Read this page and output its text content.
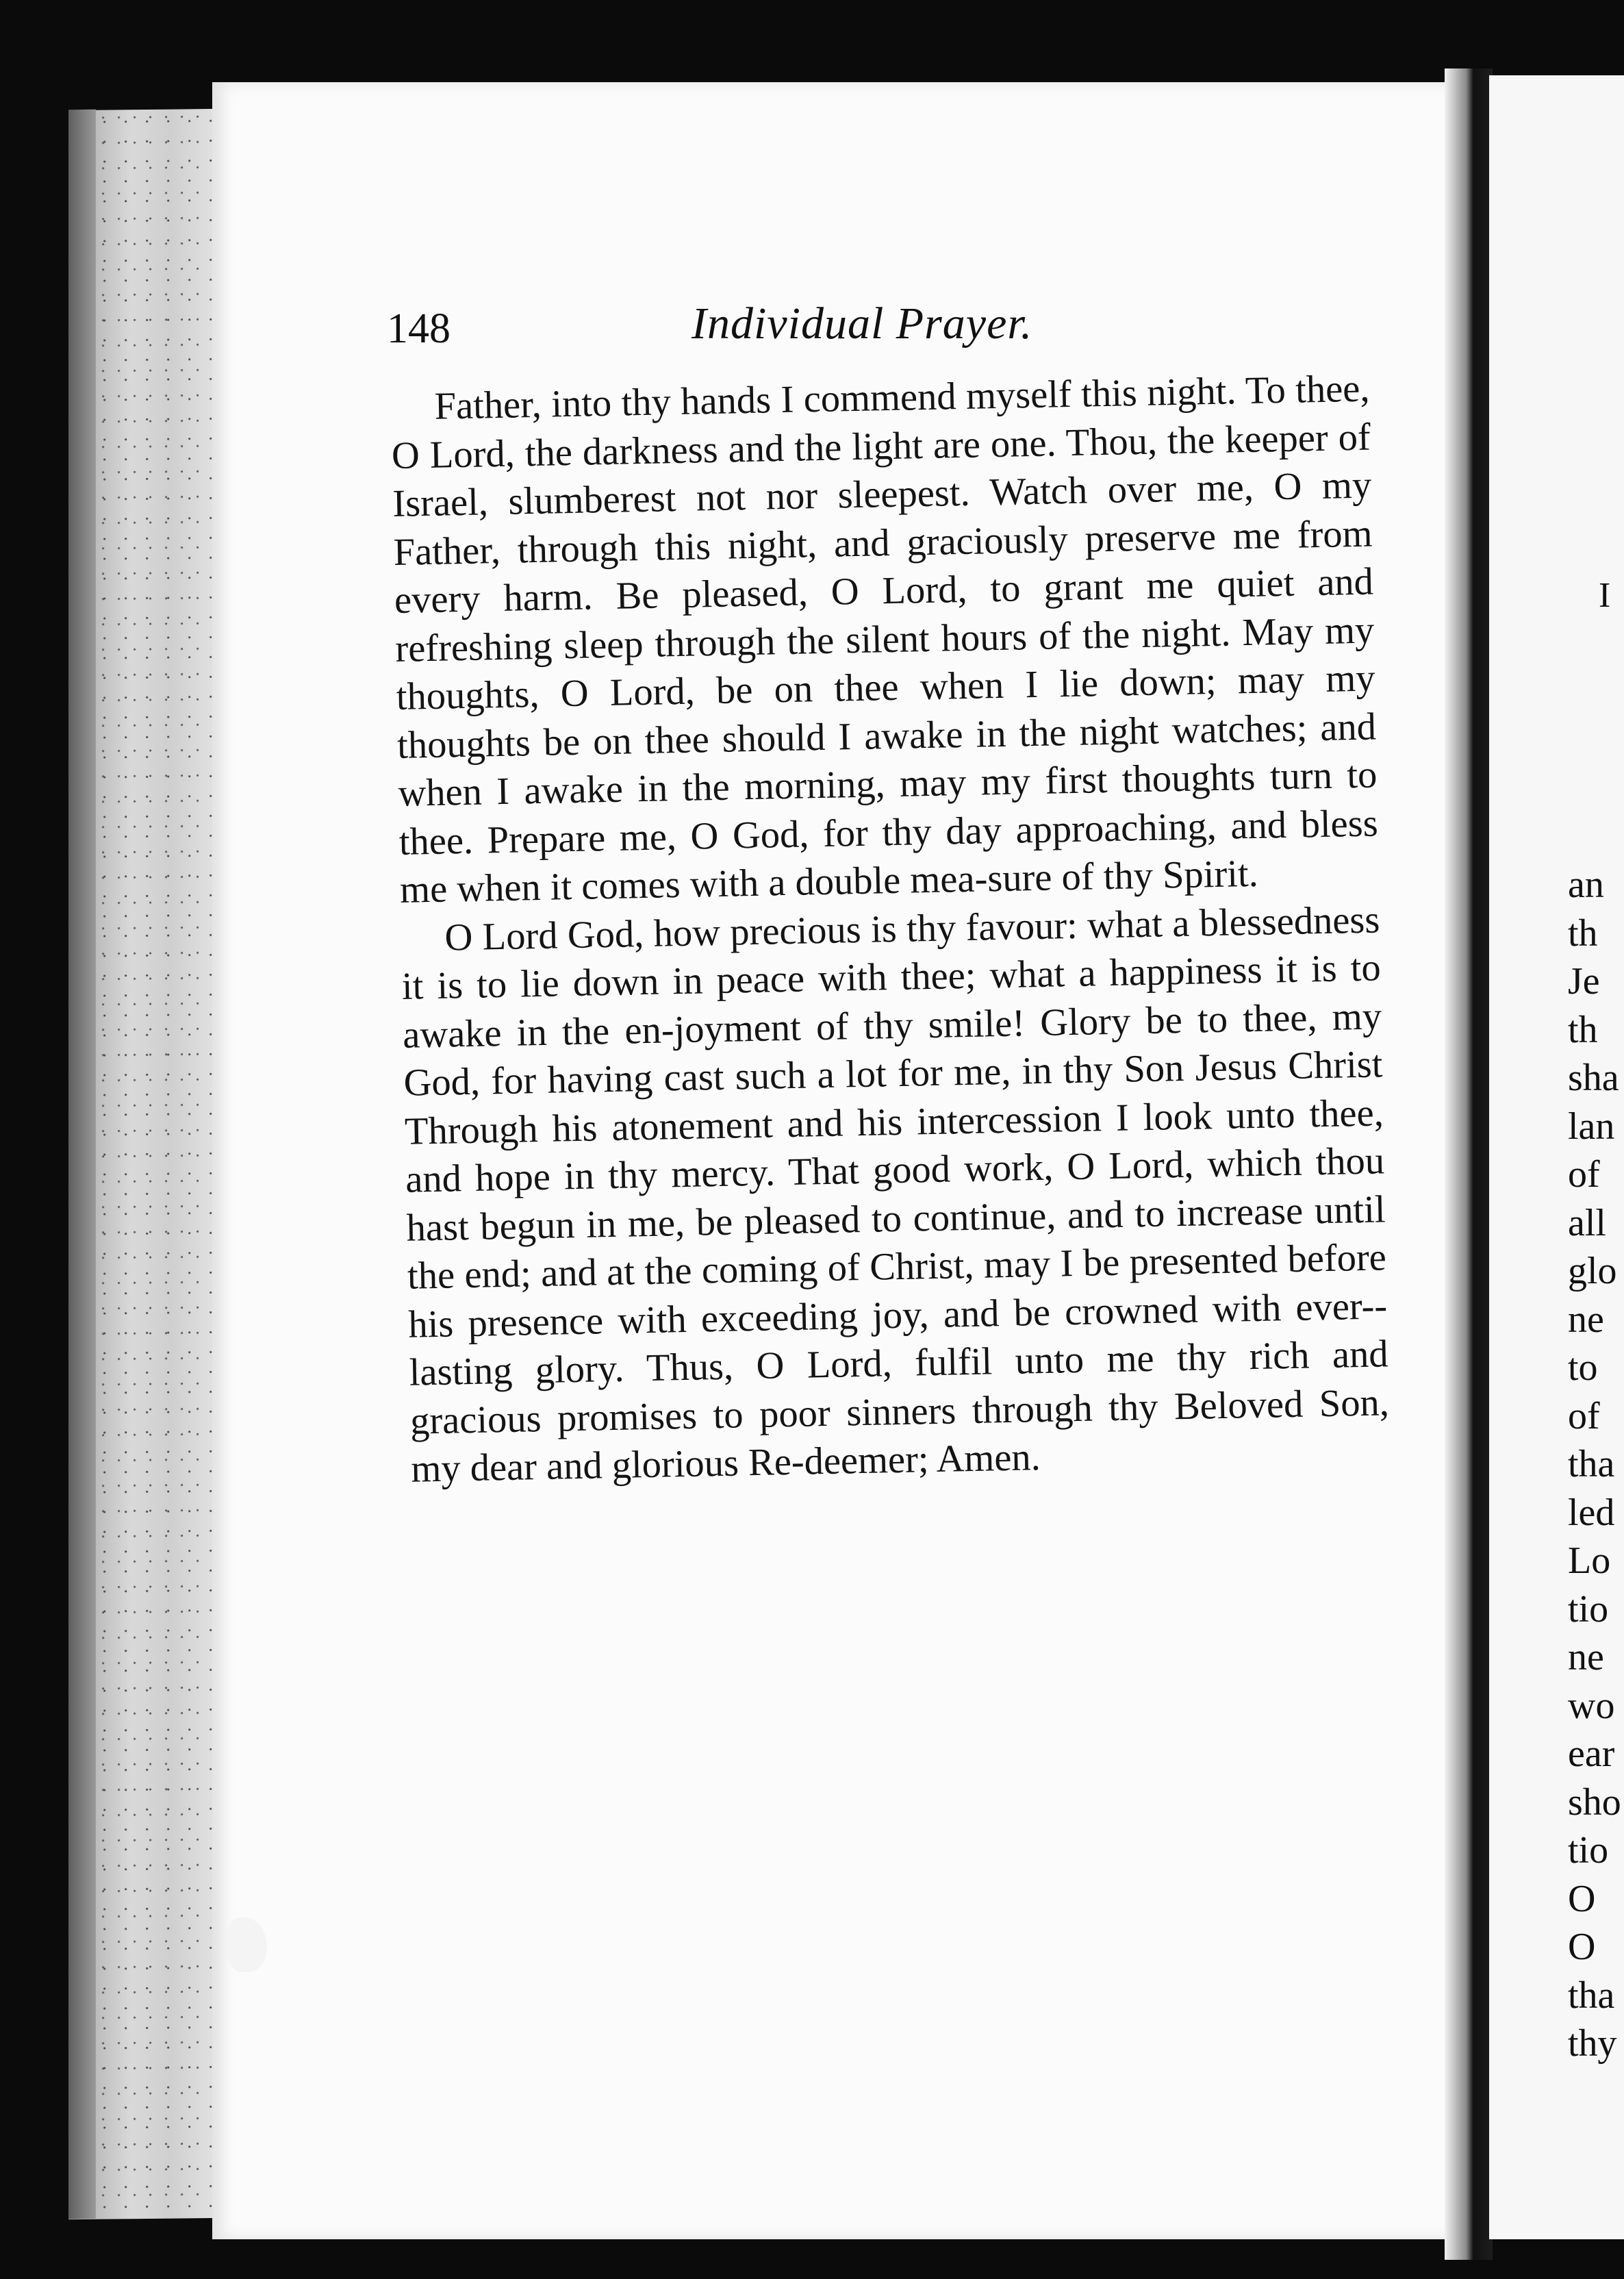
I
an
th
Je
th
sha
lan
of
all
glo
ne
to
of
tha
led
Lo
tio
ne
wo
ear
sho
tio
O
O
tha
thy
148	Individual Prayer.

Father, into thy hands I commend myself this night. To thee, O Lord, the darkness and the light are one. Thou, the keeper of Israel, slumberest not nor sleepest. Watch over me, O my Father, through this night, and graciously preserve me from every harm. Be pleased, O Lord, to grant me quiet and refreshing sleep through the silent hours of the night. May my thoughts, O Lord, be on thee when I lie down; may my thoughts be on thee should I awake in the night watches; and when I awake in the morning, may my first thoughts turn to thee. Prepare me, O God, for thy day approaching, and bless me when it comes with a double mea-sure of thy Spirit.

O Lord God, how precious is thy favour: what a blessedness it is to lie down in peace with thee; what a happiness it is to awake in the en-joyment of thy smile! Glory be to thee, my God, for having cast such a lot for me, in thy Son Jesus Christ Through his atonement and his intercession I look unto thee, and hope in thy mercy. That good work, O Lord, which thou hast begun in me, be pleased to continue, and to increase until the end; and at the coming of Christ, may I be presented before his presence with exceeding joy, and be crowned with ever-lasting glory. Thus, O Lord, fulfil unto me thy rich and gracious promises to poor sinners through thy Beloved Son, my dear and glorious Re-deemer; Amen.
